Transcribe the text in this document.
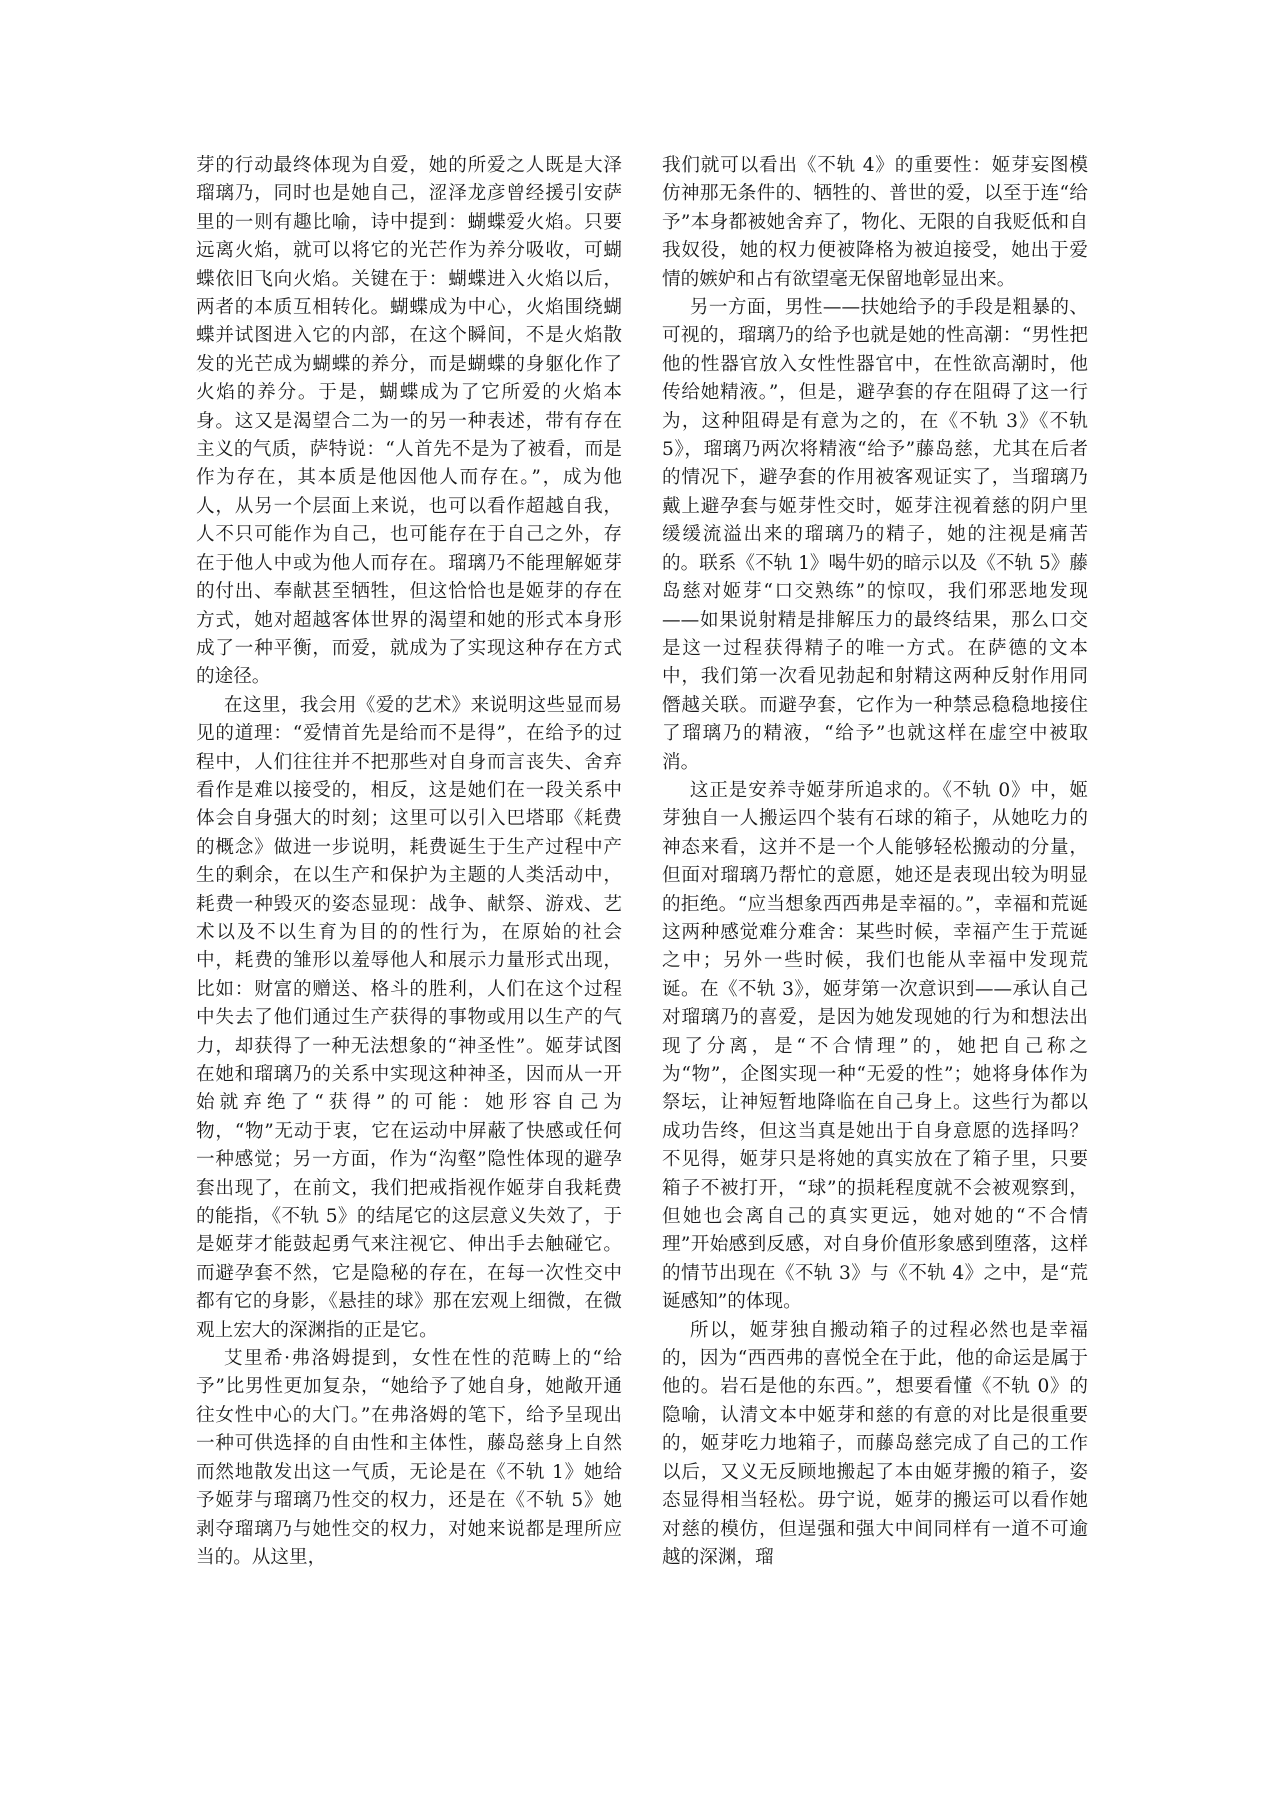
芽的行动最终体现为自爱，她的所爱之人既是大泽瑠璃乃，同时也是她自己，涩泽龙彦曾经援引安萨里的一则有趣比喻，诗中提到：蝴蝶爱火焰。只要远离火焰，就可以将它的光芒作为养分吸收，可蝴蝶依旧飞向火焰。关键在于：蝴蝶进入火焰以后，两者的本质互相转化。蝴蝶成为中心，火焰围绕蝴蝶并试图进入它的内部，在这个瞬间，不是火焰散发的光芒成为蝴蝶的养分，而是蝴蝶的身躯化作了火焰的养分。于是，蝴蝶成为了它所爱的火焰本身。这又是渴望合二为一的另一种表述，带有存在主义的气质，萨特说：“人首先不是为了被看，而是作为存在，其本质是他因他人而存在。”，成为他人，从另一个层面上来说，也可以看作超越自我，人不只可能作为自己，也可能存在于自己之外，存在于他人中或为他人而存在。瑠璃乃不能理解姬芽的付出、奉献甚至牺牲，但这恰恰也是姬芽的存在方式，她对超越客体世界的渴望和她的形式本身形成了一种平衡，而爱，就成为了实现这种存在方式的途径。

在这里，我会用《爱的艺术》来说明这些显而易见的道理：“爱情首先是给而不是得”，在给予的过程中，人们往往并不把那些对自身而言丧失、舍弃看作是难以接受的，相反，这是她们在一段关系中体会自身强大的时刻；这里可以引入巴塔耶《耗费的概念》做进一步说明，耗费诞生于生产过程中产生的剩余，在以生产和保护为主题的人类活动中，耗费一种毁灭的姿态显现：战争、献祭、游戏、艺术以及不以生育为目的的性行为，在原始的社会中，耗费的雏形以羞辱他人和展示力量形式出现，比如：财富的赠送、格斗的胜利，人们在这个过程中失去了他们通过生产获得的事物或用以生产的气力，却获得了一种无法想象的“神圣性”。姬芽试图在她和瑠璃乃的关系中实现这种神圣，因而从一开始就弃绝了“获得”的可能：她形容自己为物，“物”无动于衷，它在运动中屏蔽了快感或任何一种感觉；另一方面，作为“沟壑”隐性体现的避孕套出现了，在前文，我们把戒指视作姬芽自我耗费的能指，《不轨 5》的结尾它的这层意义失效了，于是姬芽才能鼓起勇气来注视它、伸出手去触碰它。而避孕套不然，它是隐秘的存在，在每一次性交中都有它的身影，《悬挂的球》那在宏观上细微，在微观上宏大的深渊指的正是它。

艾里希·弗洛姆提到，女性在性的范畴上的“给予”比男性更加复杂，“她给予了她自身，她敞开通往女性中心的大门。”在弗洛姆的笔下，给予呈现出一种可供选择的自由性和主体性，藤岛慈身上自然而然地散发出这一气质，无论是在《不轨 1》她给予姬芽与瑠璃乃性交的权力，还是在《不轨 5》她剥夺瑠璃乃与她性交的权力，对她来说都是理所应当的。从这里，

我们就可以看出《不轨 4》的重要性：姬芽妄图模仿神那无条件的、牺牲的、普世的爱，以至于连“给予”本身都被她舍弃了，物化、无限的自我贬低和自我奴役，她的权力便被降格为被迫接受，她出于爱情的嫉妒和占有欲望毫无保留地彰显出来。

另一方面，男性——扶她给予的手段是粗暴的、可视的，瑠璃乃的给予也就是她的性高潮：“男性把他的性器官放入女性性器官中，在性欲高潮时，他传给她精液。”，但是，避孕套的存在阻碍了这一行为，这种阻碍是有意为之的，在《不轨 3》《不轨 5》，瑠璃乃两次将精液“给予”藤岛慈，尤其在后者的情况下，避孕套的作用被客观证实了，当瑠璃乃戴上避孕套与姬芽性交时，姬芽注视着慈的阴户里缓缓流溢出来的瑠璃乃的精子，她的注视是痛苦的。联系《不轨 1》喝牛奶的暗示以及《不轨 5》藤岛慈对姬芽“口交熟练”的惊叹，我们邪恶地发现——如果说射精是排解压力的最终结果，那么口交是这一过程获得精子的唯一方式。在萨德的文本中，我们第一次看见勃起和射精这两种反射作用同僭越关联。而避孕套，它作为一种禁忌稳稳地接住了瑠璃乃的精液，“给予”也就这样在虚空中被取消。

这正是安养寺姬芽所追求的。《不轨 0》中，姬芽独自一人搬运四个装有石球的箱子，从她吃力的神态来看，这并不是一个人能够轻松搬动的分量，但面对瑠璃乃帮忙的意愿，她还是表现出较为明显的拒绝。“应当想象西西弗是幸福的。”，幸福和荒诞这两种感觉难分难舍：某些时候，幸福产生于荒诞之中；另外一些时候，我们也能从幸福中发现荒诞。在《不轨 3》，姬芽第一次意识到——承认自己对瑠璃乃的喜爱，是因为她发现她的行为和想法出现了分离，是“不合情理”的，她把自己称之为“物”，企图实现一种“无爱的性”；她将身体作为祭坛，让神短暂地降临在自己身上。这些行为都以成功告终，但这当真是她出于自身意愿的选择吗？不见得，姬芽只是将她的真实放在了箱子里，只要箱子不被打开，“球”的损耗程度就不会被观察到，但她也会离自己的真实更远，她对她的“不合情理”开始感到反感，对自身价值形象感到堕落，这样的情节出现在《不轨 3》与《不轨 4》之中，是“荒诞感知”的体现。

所以，姬芽独自搬动箱子的过程必然也是幸福的，因为“西西弗的喜悦全在于此，他的命运是属于他的。岩石是他的东西。”，想要看懂《不轨 0》的隐喻，认清文本中姬芽和慈的有意的对比是很重要的，姬芽吃力地箱子，而藤岛慈完成了自己的工作以后，又义无反顾地搬起了本由姬芽搬的箱子，姿态显得相当轻松。毋宁说，姬芽的搬运可以看作她对慈的模仿，但逞强和强大中间同样有一道不可逾越的深渊，瑠
